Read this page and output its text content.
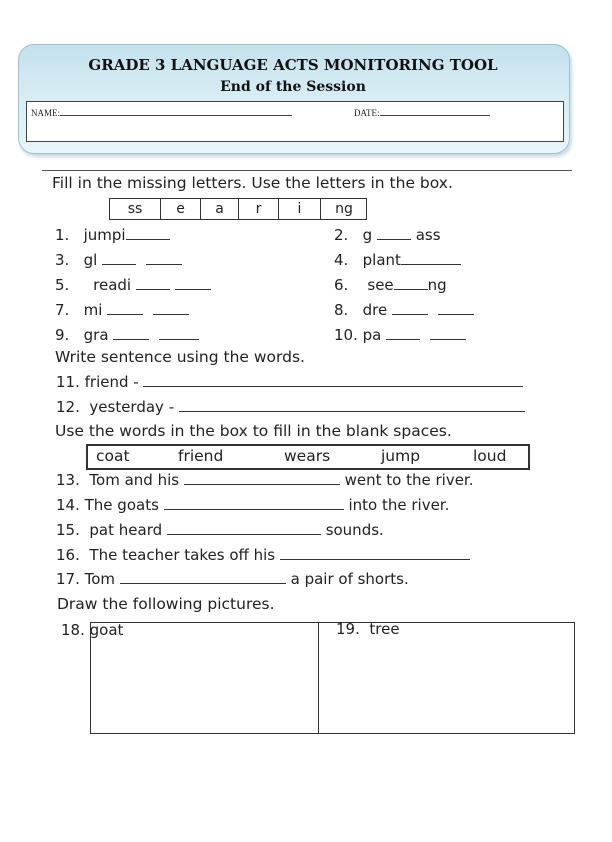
GRADE 3 LANGUAGE ACTS MONITORING TOOL
End of the Session
NAME:	DATE:
Fill in the missing letters. Use the letters in the box.
ss	e	a	r	i	ng
1. jumpi	2. g	ass
3. gl	4. plant
5. readi	6. see ng
7. mi	8. dre
9. gra	10. pa
Write sentence using the words.
11. friend -
12. yesterday -
Use the words in the box to fill in the blank spaces.
coat	friend	wears	jump	loud
13. Tom and his	went to the river.
14. The goats	into the river.
15. pat heard	sounds.
16. The teacher takes off his
17. Tom	a pair of shorts.
Draw the following pictures.
18. goat	19. tree
